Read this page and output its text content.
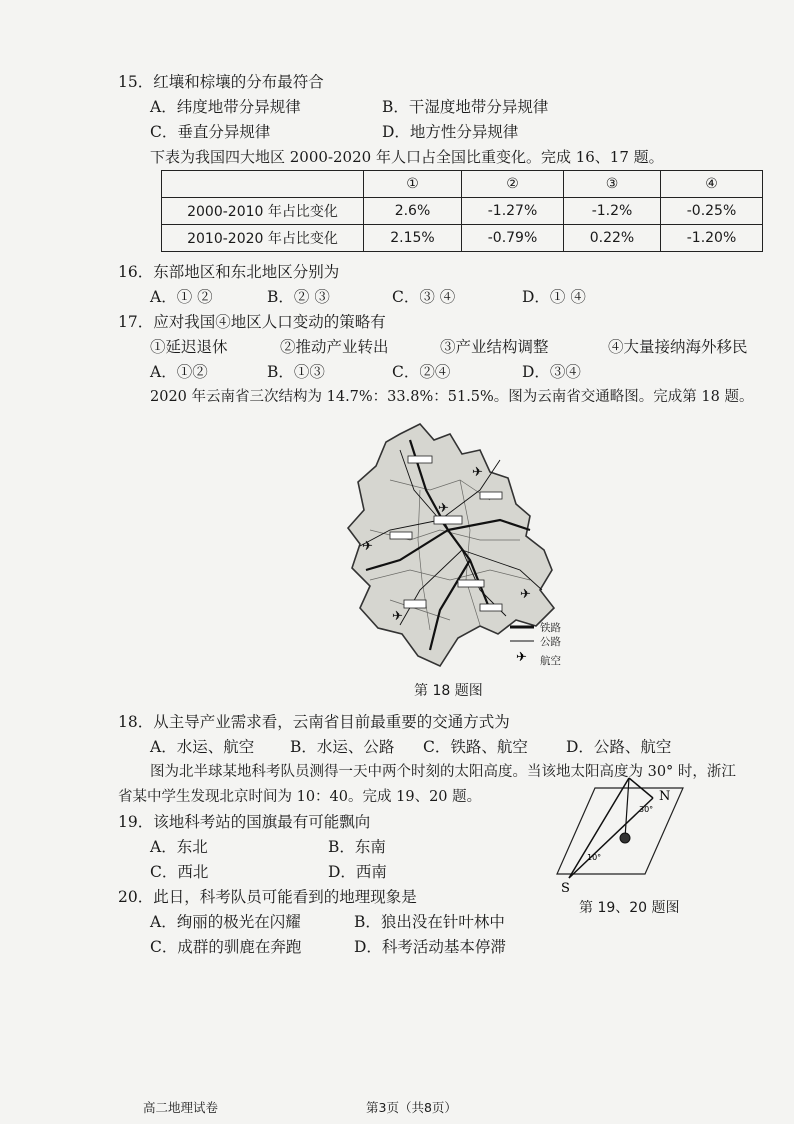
15．红壤和棕壤的分布最符合
A．纬度地带分异规律	B．干湿度地带分异规律
C．垂直分异规律	D．地方性分异规律
下表为我国四大地区 2000-2020 年人口占全国比重变化。完成 16、17 题。
	①	②	③	④
2000-2010 年占比变化	2.6%	-1.27%	-1.2%	-0.25%
2010-2020 年占比变化	2.15%	-0.79%	0.22%	-1.20%
16．东部地区和东北地区分别为
A．① ②	B．② ③	C．③ ④	D．① ④
17．应对我国④地区人口变动的策略有
①延迟退休	②推动产业转出	③产业结构调整	④大量接纳海外移民
A．①②	B．①③	C．②④	D．③④
2020 年云南省三次结构为 14.7%：33.8%：51.5%。图为云南省交通略图。完成第 18 题。
✈
✈
✈
✈
✈
✈
铁路
公路
航空
第 18 题图
18．从主导产业需求看，云南省目前最重要的交通方式为
A．水运、航空 B．水运、公路 C．铁路、航空 D．公路、航空
图为北半球某地科考队员测得一天中两个时刻的太阳高度。当该地太阳高度为 30° 时，浙江
省某中学生发现北京时间为 10：40。完成 19、20 题。
19．该地科考站的国旗最有可能飘向
A．东北	B．东南
C．西北	D．西南
20．此日，科考队员可能看到的地理现象是
A．绚丽的极光在闪耀	B．狼出没在针叶林中
C．成群的驯鹿在奔跑	D．科考活动基本停滞
30°
10°
N
S
第 19、20 题图
高二地理试卷	第3页（共8页）
